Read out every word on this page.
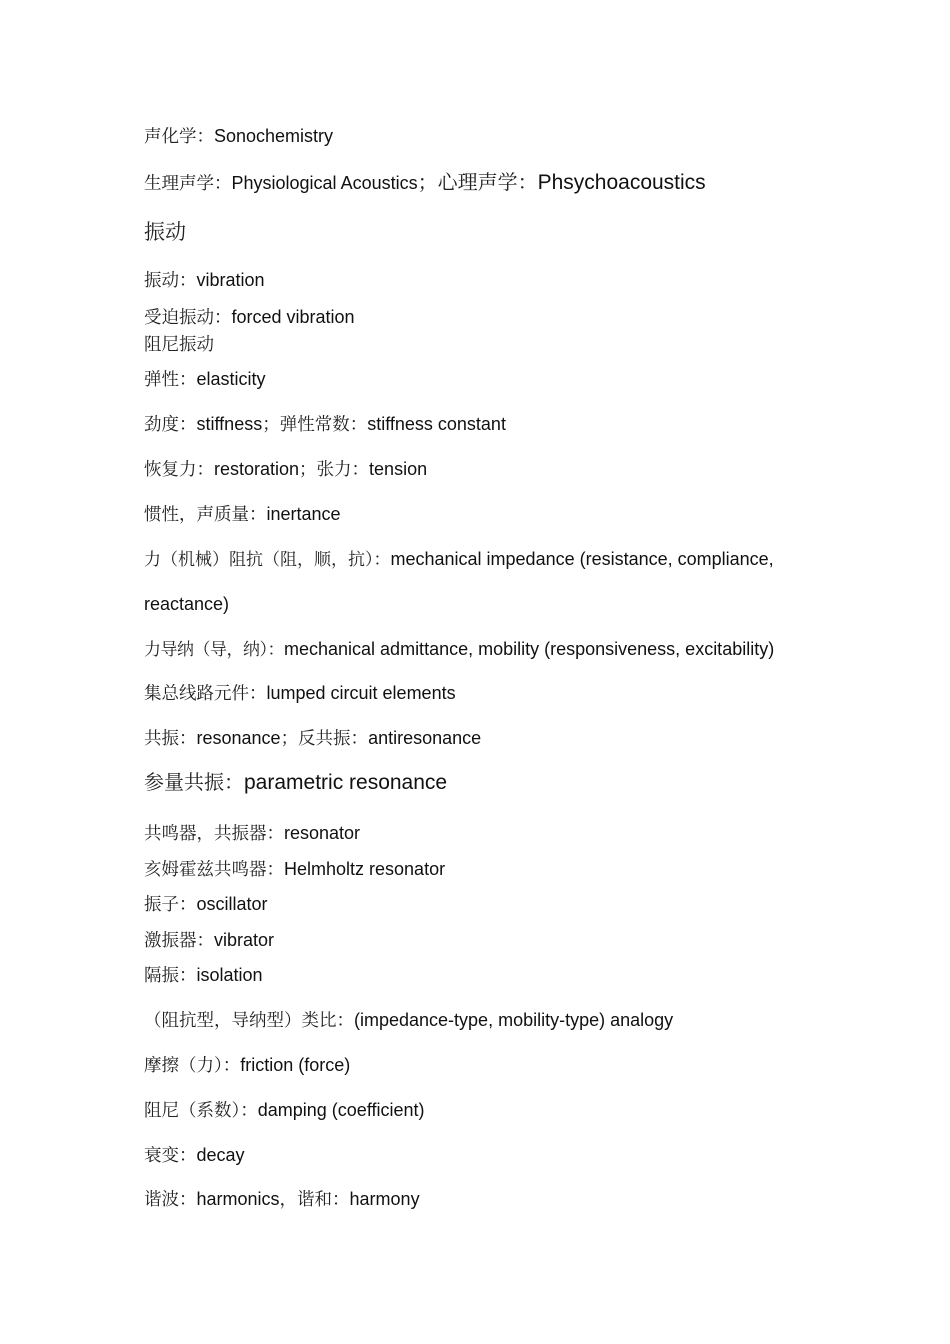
声化学：Sonochemistry
生理声学：Physiological Acoustics；心理声学：Phsychoacoustics
振动
振动：vibration
受迫振动：forced vibration
阻尼振动
弹性：elasticity
劲度：stiffness；弹性常数：stiffness constant
恢复力：restoration；张力：tension
惯性，声质量：inertance
力（机械）阻抗（阻，顺，抗）：mechanical impedance (resistance, compliance,
reactance)
力导纳（导，纳）：mechanical admittance, mobility (responsiveness, excitability)
集总线路元件：lumped circuit elements
共振：resonance；反共振：antiresonance
参量共振：parametric resonance
共鸣器，共振器：resonator
亥姆霍兹共鸣器：Helmholtz resonator
振子：oscillator
激振器：vibrator
隔振：isolation
（阻抗型，导纳型）类比：(impedance-type, mobility-type) analogy
摩擦（力）：friction (force)
阻尼（系数）：damping (coefficient)
衰变：decay
谐波：harmonics，谐和：harmony
